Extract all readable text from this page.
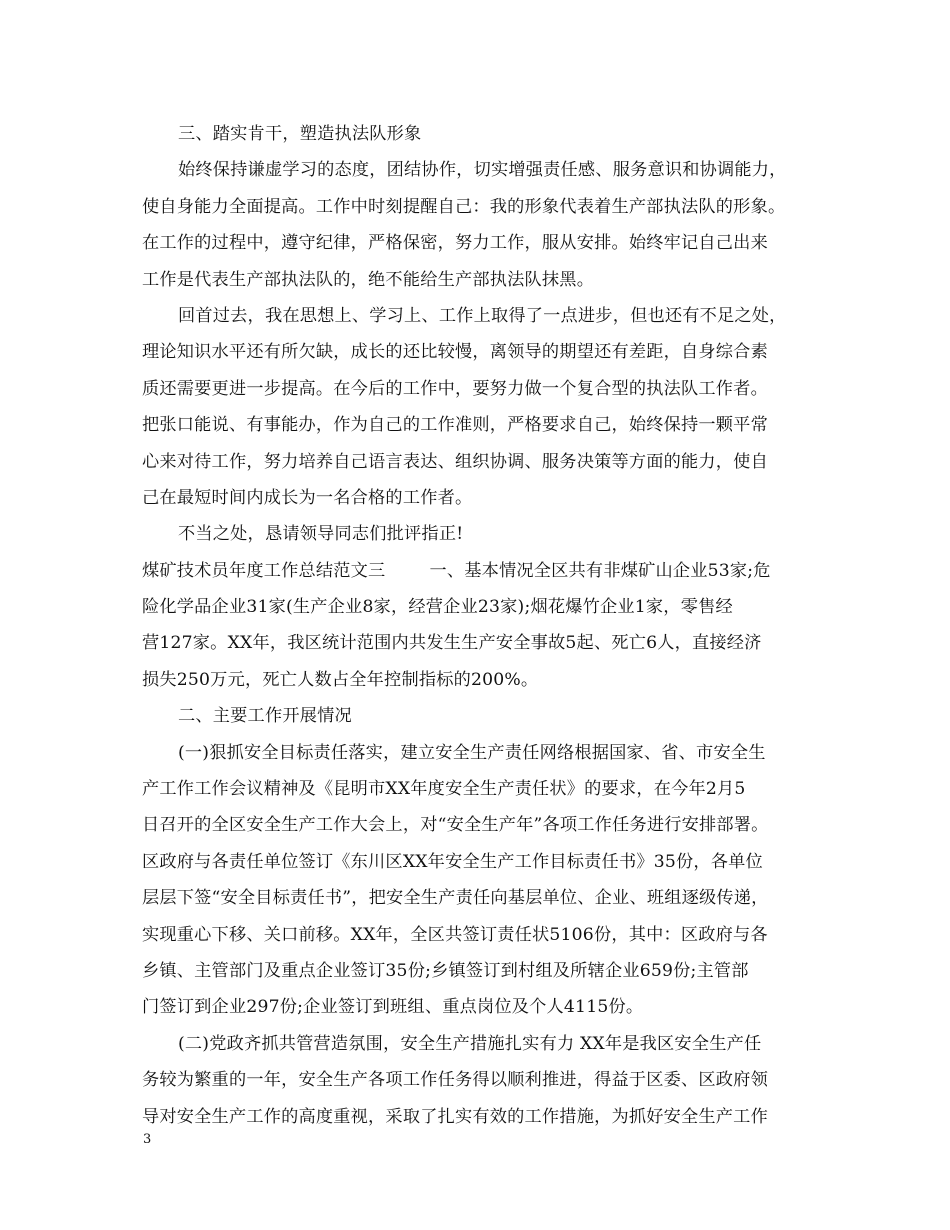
三、踏实肯干，塑造执法队形象
始终保持谦虚学习的态度，团结协作，切实增强责任感、服务意识和协调能力，
使自身能力全面提高。工作中时刻提醒自己：我的形象代表着生产部执法队的形象。
在工作的过程中，遵守纪律，严格保密，努力工作，服从安排。始终牢记自己出来
工作是代表生产部执法队的，绝不能给生产部执法队抹黑。
回首过去，我在思想上、学习上、工作上取得了一点进步，但也还有不足之处，
理论知识水平还有所欠缺，成长的还比较慢，离领导的期望还有差距，自身综合素
质还需要更进一步提高。在今后的工作中，要努力做一个复合型的执法队工作者。
把张口能说、有事能办，作为自己的工作准则，严格要求自己，始终保持一颗平常
心来对待工作，努力培养自己语言表达、组织协调、服务决策等方面的能力，使自
己在最短时间内成长为一名合格的工作者。
不当之处，恳请领导同志们批评指正!
煤矿技术员年度工作总结范文三	一、基本情况全区共有非煤矿山企业53家;危
险化学品企业31家(生产企业8家，经营企业23家);烟花爆竹企业1家，零售经
营127家。XX年，我区统计范围内共发生生产安全事故5起、死亡6人，直接经济
损失250万元，死亡人数占全年控制指标的200%。
二、主要工作开展情况
(一)狠抓安全目标责任落实，建立安全生产责任网络根据国家、省、市安全生
产工作工作会议精神及《昆明市XX年度安全生产责任状》的要求，在今年2月5
日召开的全区安全生产工作大会上，对“安全生产年”各项工作任务进行安排部署。
区政府与各责任单位签订《东川区XX年安全生产工作目标责任书》35份，各单位
层层下签“安全目标责任书”，把安全生产责任向基层单位、企业、班组逐级传递，
实现重心下移、关口前移。XX年，全区共签订责任状5106份，其中：区政府与各
乡镇、主管部门及重点企业签订35份;乡镇签订到村组及所辖企业659份;主管部
门签订到企业297份;企业签订到班组、重点岗位及个人4115份。
(二)党政齐抓共管营造氛围，安全生产措施扎实有力 XX年是我区安全生产任
务较为繁重的一年，安全生产各项工作任务得以顺利推进，得益于区委、区政府领
导对安全生产工作的高度重视，采取了扎实有效的工作措施，为抓好安全生产工作
3
